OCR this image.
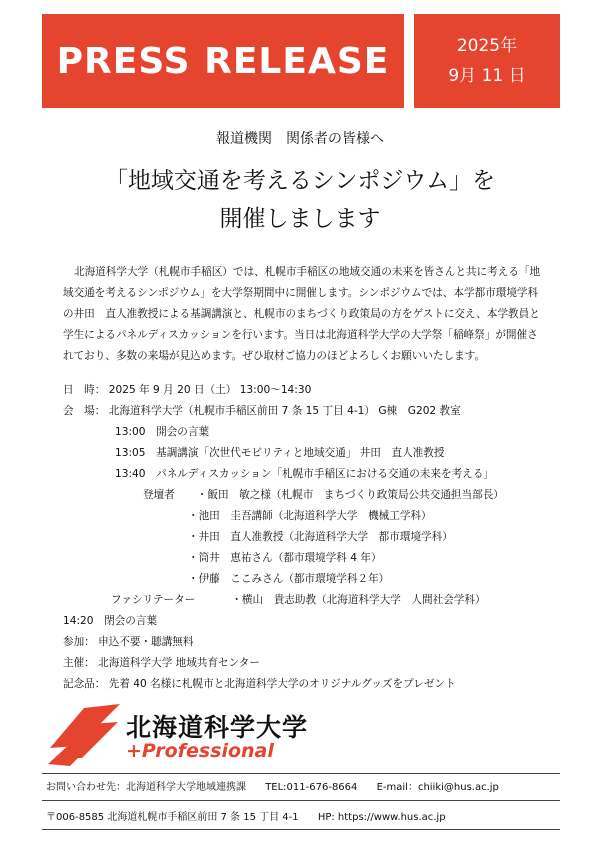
PRESS RELEASE	2025年
9月 11 日
報道機関　関係者の皆様へ
「地域交通を考えるシンポジウム」を
開催しまします
北海道科学大学（札幌市手稲区）では、札幌市手稲区の地域交通の未来を皆さんと共に考える「地
域交通を考えるシンポジウム」を大学祭期間中に開催します。シンポジウムでは、本学都市環境学科
の井田　直人准教授による基調講演と、札幌市のまちづくり政策局の方をゲストに交え、本学教員と
学生によるパネルディスカッションを行います。当日は北海道科学大学の大学祭「稲峰祭」が開催さ
れており、多数の来場が見込めます。ぜひ取材ご協力のほどよろしくお願いいたします。
日　時： 2025 年 9 月 20 日（土） 13:00～14:30
会　場： 北海道科学大学（札幌市手稲区前田 7 条 15 丁目 4-1） G棟　G202 教室
13:00　開会の言葉
13:05　基調講演「次世代モビリティと地域交通」 井田　直人准教授
13:40　パネルディスカッション「札幌市手稲区における交通の未来を考える」
登壇者 ・飯田　敏之様（札幌市　まちづくり政策局公共交通担当部長）
・池田　圭吾講師（北海道科学大学　機械工学科）
・井田　直人准教授（北海道科学大学　都市環境学科）
・筒井　恵祐さん（都市環境学科 4 年）
・伊藤　ここみさん（都市環境学科２年）
ファシリテーター	・横山　貴志助教（北海道科学大学　人間社会学科）
14:20　閉会の言葉
参加： 申込不要・聴講無料
主催： 北海道科学大学 地域共育センター
記念品： 先着 40 名様に札幌市と北海道科学大学のオリジナルグッズをプレゼント
北海道科学大学
+Professional
お問い合わせ先：北海道科学大学地域連携課 TEL:011-676-8664 E-mail：chiiki@hus.ac.jp
〒006-8585 北海道札幌市手稲区前田 7 条 15 丁目 4-1 HP: https://www.hus.ac.jp
